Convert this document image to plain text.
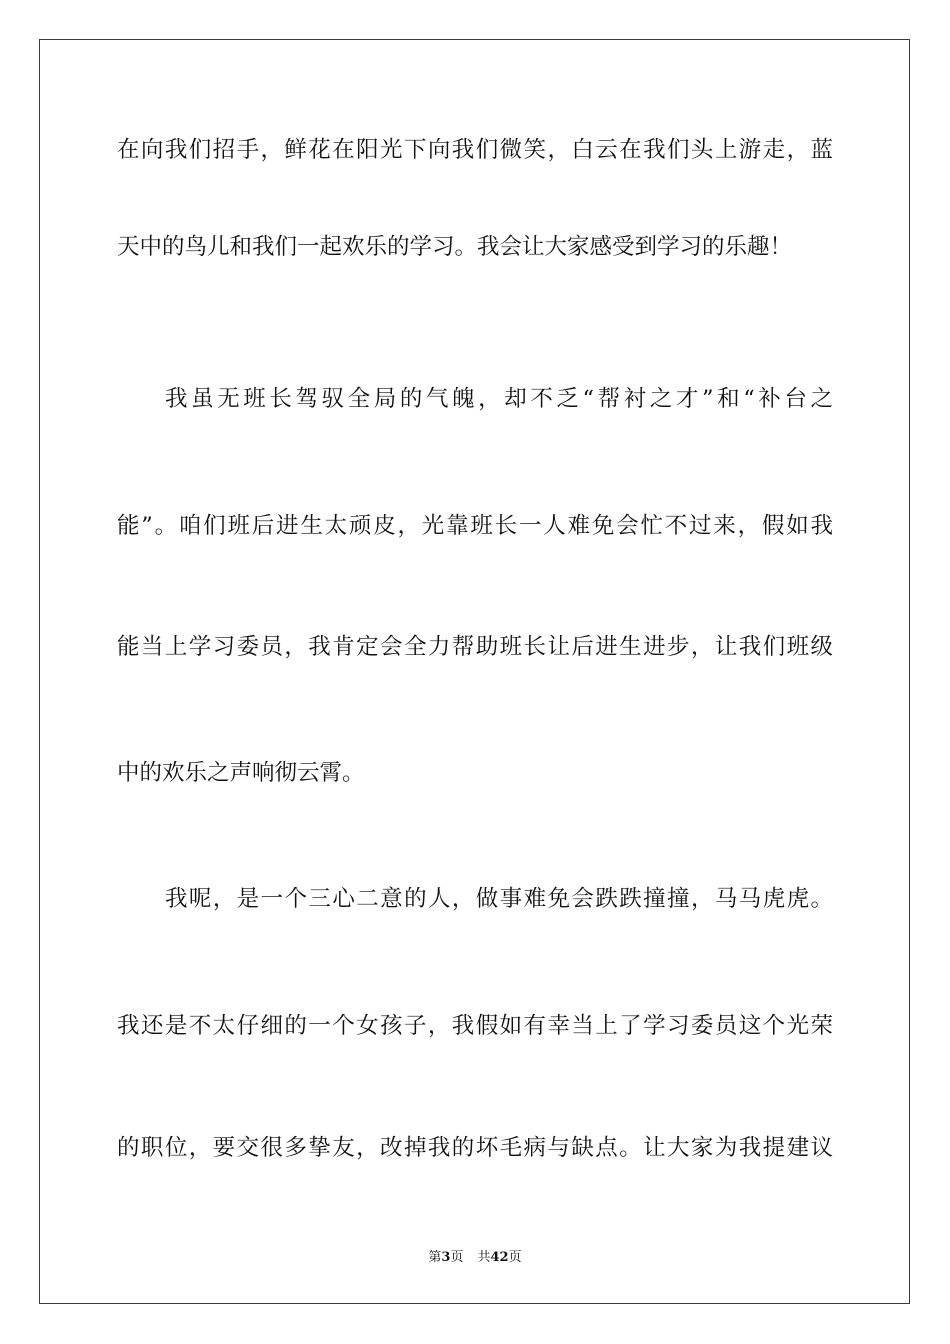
在向我们招手，鲜花在阳光下向我们微笑，白云在我们头上游走，蓝
天中的鸟儿和我们一起欢乐的学习。我会让大家感受到学习的乐趣！
我虽无班长驾驭全局的气魄，却不乏“帮衬之才”和“补台之
能”。咱们班后进生太顽皮，光靠班长一人难免会忙不过来，假如我
能当上学习委员，我肯定会全力帮助班长让后进生进步，让我们班级
中的欢乐之声响彻云霄。
我呢，是一个三心二意的人，做事难免会跌跌撞撞，马马虎虎。
我还是不太仔细的一个女孩子，我假如有幸当上了学习委员这个光荣
的职位，要交很多挚友，改掉我的坏毛病与缺点。让大家为我提建议
第3页 共42页
